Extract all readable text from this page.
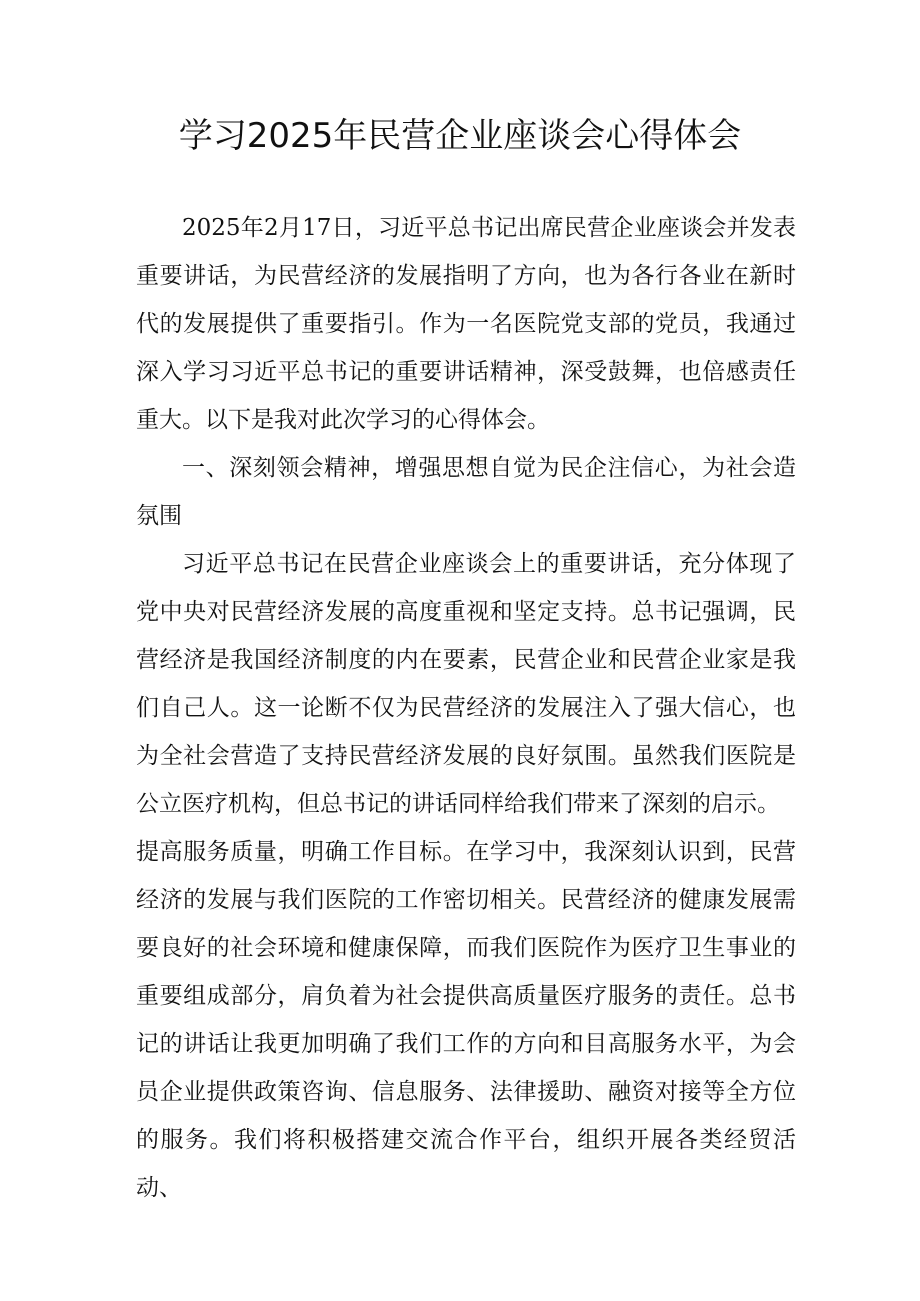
学习2025年民营企业座谈会心得体会

2025年2月17日，习近平总书记出席民营企业座谈会并发表重要讲话，为民营经济的发展指明了方向，也为各行各业在新时代的发展提供了重要指引。作为一名医院党支部的党员，我通过深入学习习近平总书记的重要讲话精神，深受鼓舞，也倍感责任重大。以下是我对此次学习的心得体会。

一、深刻领会精神，增强思想自觉为民企注信心，为社会造氛围

习近平总书记在民营企业座谈会上的重要讲话，充分体现了党中央对民营经济发展的高度重视和坚定支持。总书记强调，民营经济是我国经济制度的内在要素，民营企业和民营企业家是我们自己人。这一论断不仅为民营经济的发展注入了强大信心，也为全社会营造了支持民营经济发展的良好氛围。虽然我们医院是公立医疗机构，但总书记的讲话同样给我们带来了深刻的启示。

提高服务质量，明确工作目标。在学习中，我深刻认识到，民营经济的发展与我们医院的工作密切相关。民营经济的健康发展需要良好的社会环境和健康保障，而我们医院作为医疗卫生事业的重要组成部分，肩负着为社会提供高质量医疗服务的责任。总书记的讲话让我更加明确了我们工作的方向和目高服务水平，为会员企业提供政策咨询、信息服务、法律援助、融资对接等全方位的服务。我们将积极搭建交流合作平台，组织开展各类经贸活动、
